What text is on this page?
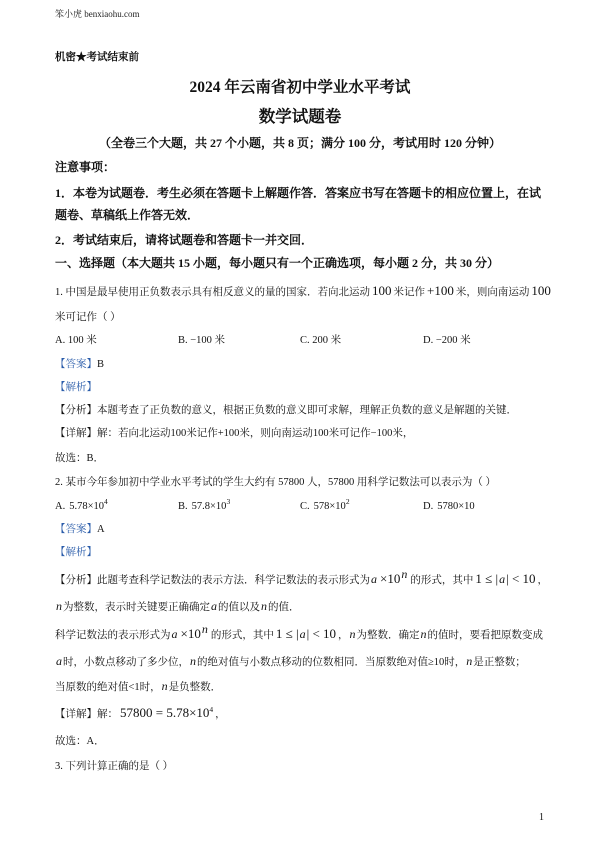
笨小虎 benxiaohu.com
机密★考试结束前
2024 年云南省初中学业水平考试
数学试题卷
（全卷三个大题，共 27 个小题，共 8 页；满分 100 分，考试用时 120 分钟）
注意事项：
1．本卷为试题卷．考生必须在答题卡上解题作答．答案应书写在答题卡的相应位置上，在试
题卷、草稿纸上作答无效．
2．考试结束后，请将试题卷和答题卡一并交回．
一、选择题（本大题共 15 小题，每小题只有一个正确选项，每小题 2 分，共 30 分）
1. 中国是最早使用正负数表示具有相反意义的量的国家．若向北运动 100 米记作 +100 米，则向南运动 100
米可记作（ ）
A. 100 米	B. −100 米	C. 200 米	D. −200 米
【答案】B
【解析】
【分析】本题考查了正负数的意义，根据正负数的意义即可求解，理解正负数的意义是解题的关键．
【详解】解：若向北运动100米记作+100米，则向南运动100米可记作−100米，
故选：B．
2. 某市今年参加初中学业水平考试的学生大约有 57800 人，57800 用科学记数法可以表示为（ ）
A. $5.78\times 10^4$	B. $57.8\times 10^3$	C. $578\times 10^2$	D. 5780×10
【答案】A
【解析】
【分析】此题考查科学记数法的表示方法．科学记数法的表示形式为$a \times 10^n$ 的形式，其中 1 ≤ |a| < 10 ，
n为整数，表示时关键要正确确定a的值以及n的值．
科学记数法的表示形式为$a \times 10^n$ 的形式，其中 1 ≤ |a| < 10 ，n为整数．确定n的值时，要看把原数变成
a时，小数点移动了多少位，n的绝对值与小数点移动的位数相同．当原数绝对值≥10时，n是正整数；
当原数的绝对值<1时，n是负整数．
【详解】解： $57800 = 5.78\times 10^4$ ，
故选：A．
3. 下列计算正确的是（ ）
1
